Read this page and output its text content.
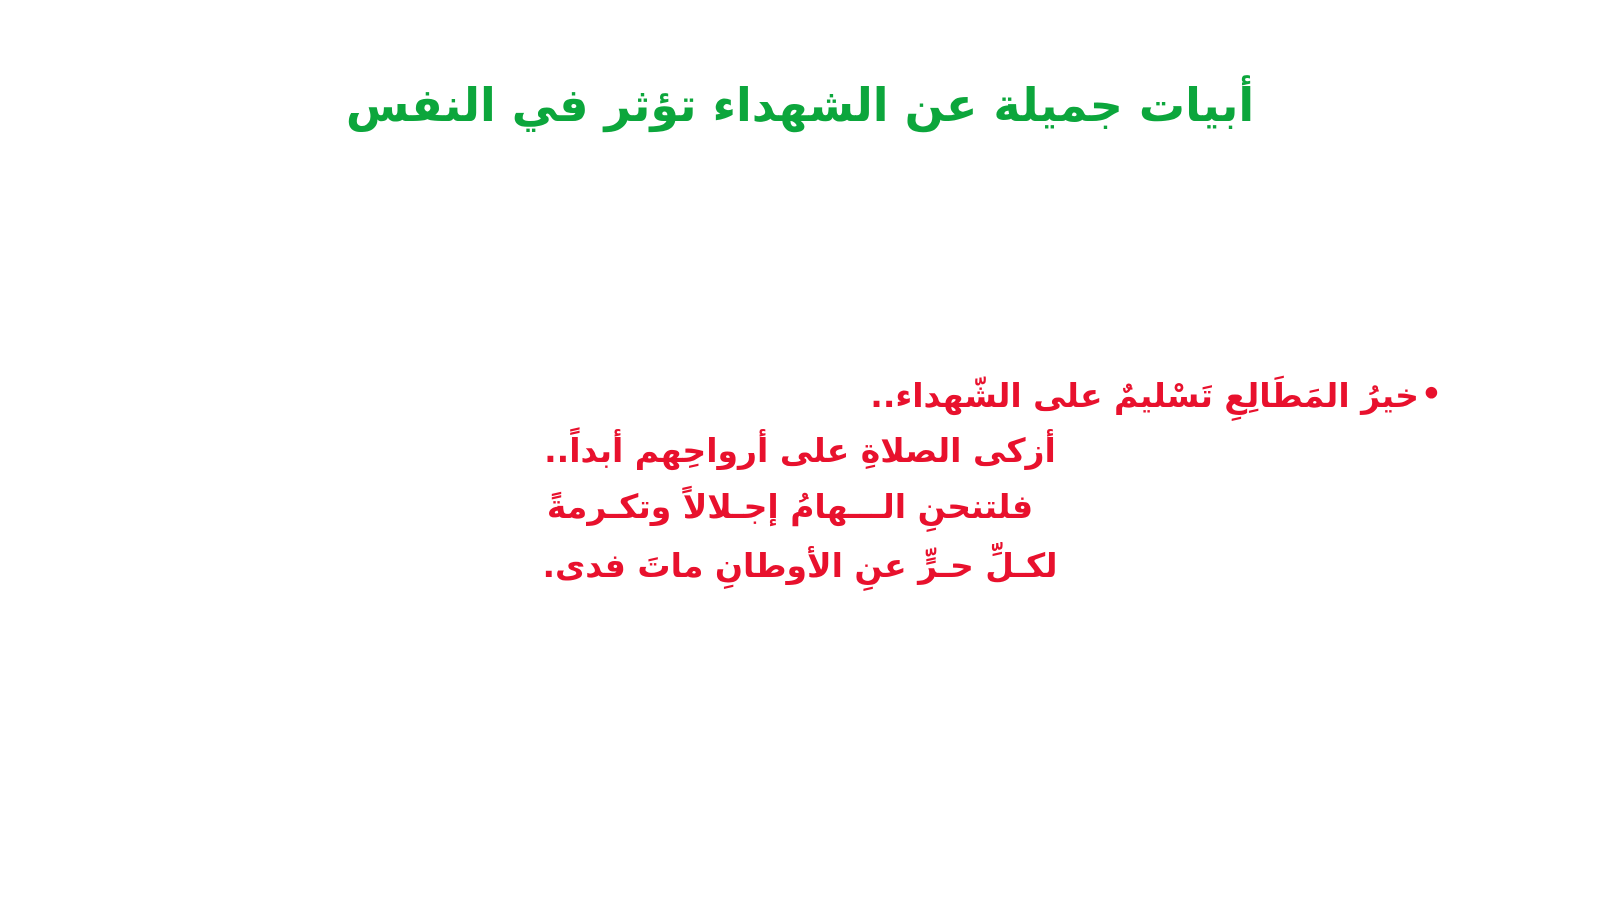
أبيات جميلة عن الشهداء تؤثر في النفس
•خيرُ المَطَالِعِ تَسْليمٌ على الشّهداء..
أزكى الصلاةِ على أرواحِهم أبداً..
فلتنحنِ الـــهامُ إجـلالاً وتكـرمةً
لكـلِّ حـرٍّ عنِ الأوطانِ ماتَ فدى.
